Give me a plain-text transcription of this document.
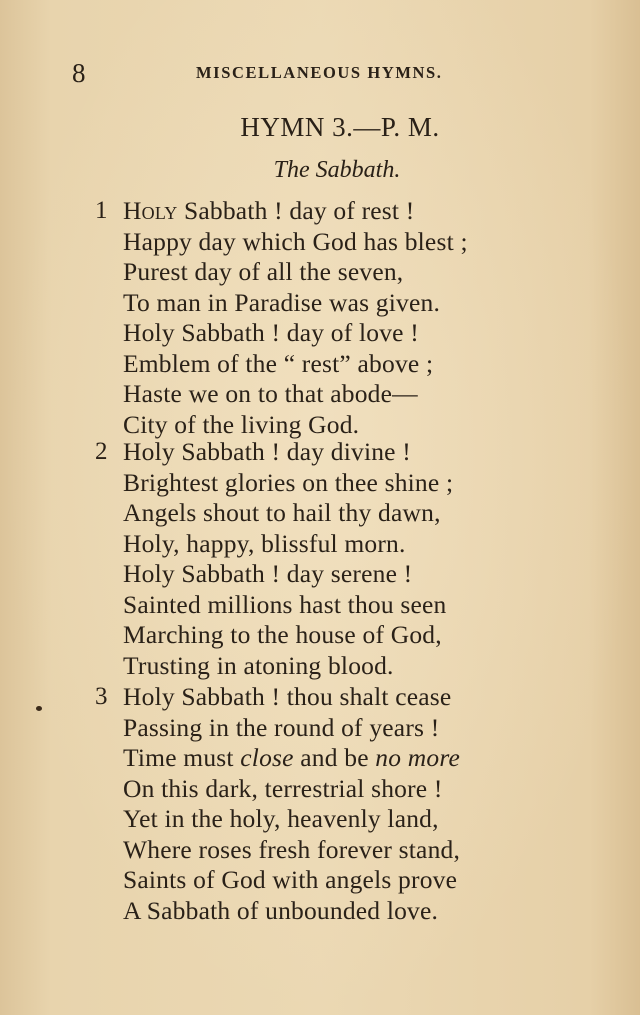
8	MISCELLANEOUS HYMNS.
HYMN 3.—P. M.
The Sabbath.
1 Holy Sabbath ! day of rest !
Happy day which God has blest ;
Purest day of all the seven,
To man in Paradise was given.
Holy Sabbath ! day of love !
Emblem of the “ rest” above ;
Haste we on to that abode—
City of the living God.
2 Holy Sabbath ! day divine !
Brightest glories on thee shine ;
Angels shout to hail thy dawn,
Holy, happy, blissful morn.
Holy Sabbath ! day serene !
Sainted millions hast thou seen
Marching to the house of God,
Trusting in atoning blood.
3 Holy Sabbath ! thou shalt cease
Passing in the round of years !
Time must close and be no more
On this dark, terrestrial shore !
Yet in the holy, heavenly land,
Where roses fresh forever stand,
Saints of God with angels prove
A Sabbath of unbounded love.
